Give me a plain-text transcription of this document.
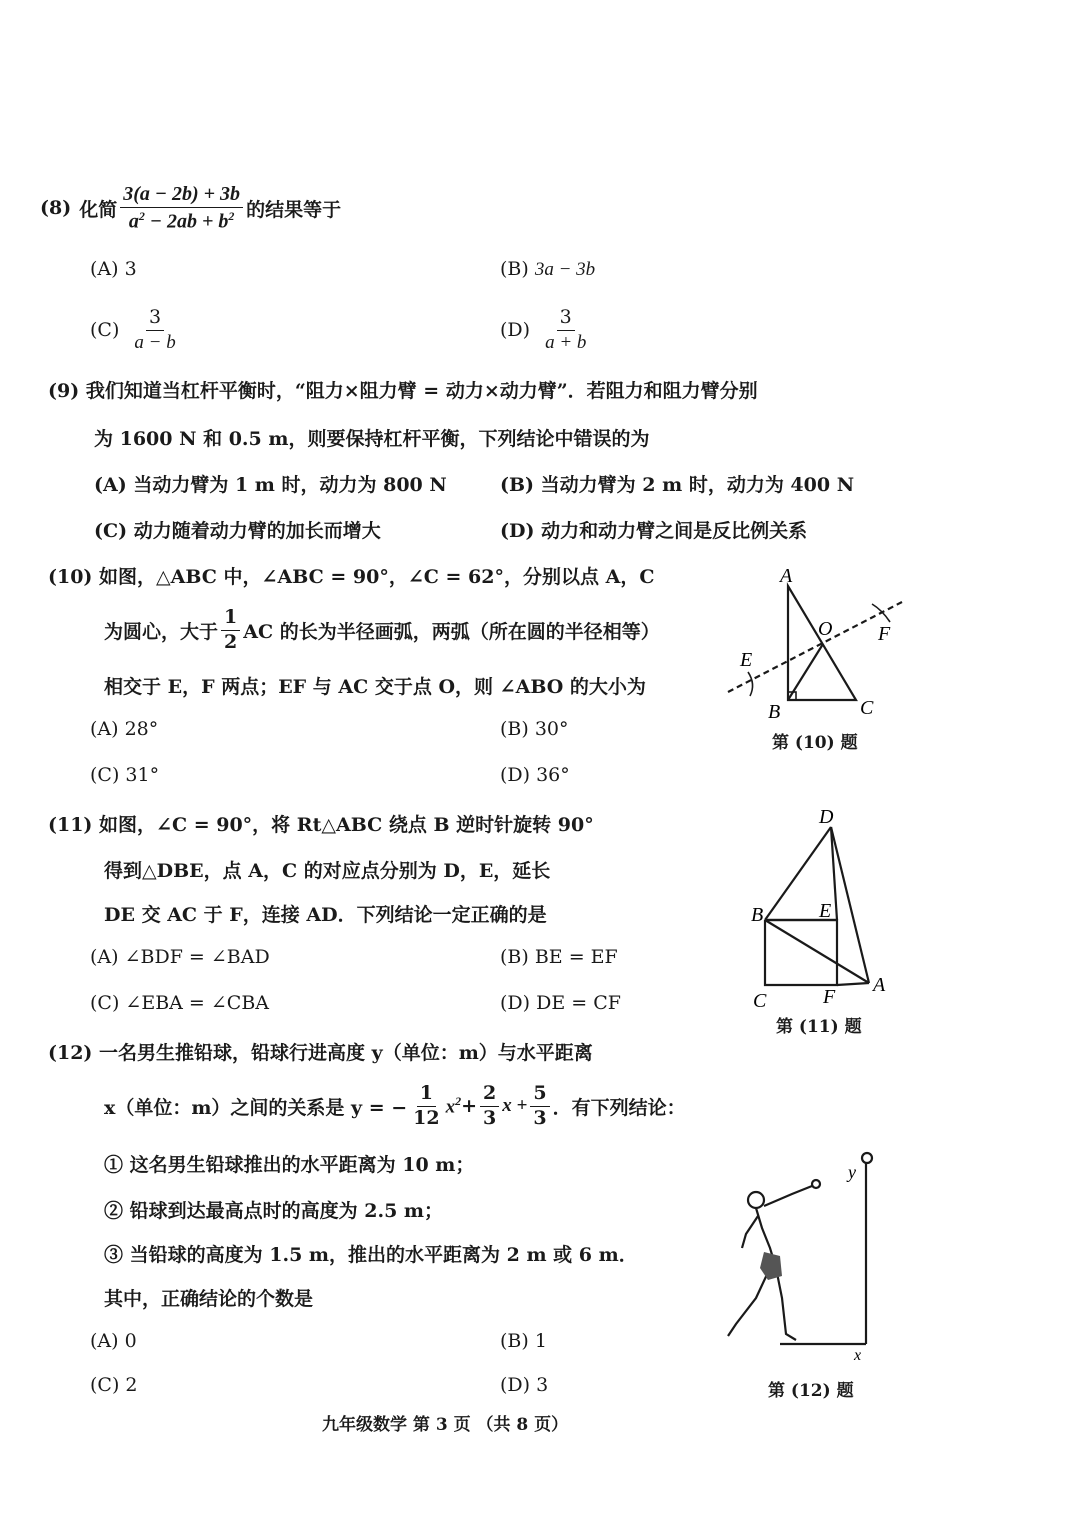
(8) 化简 $\frac{3(a - 2b) + 3b}{a^2 - 2ab + b^2}$ 的结果等于
(A) 3	(B) 3a − 3b
$(C) \frac{3}{a - b}$	$(D) \frac{3}{a + b}$
(9) 我们知道当杠杆平衡时，“阻力×阻力臂 = 动力×动力臂”．若阻力和阻力臂分别
为 1600 N 和 0.5 m，则要保持杠杆平衡，下列结论中错误的为
(A) 当动力臂为 1 m 时，动力为 800 N	(B) 当动力臂为 2 m 时，动力为 400 N
(C) 动力随着动力臂的加长而增大	(D) 动力和动力臂之间是反比例关系
(10) 如图，△ABC 中，∠ABC = 90°，∠C = 62°，分别以点 A，C
为圆心，大于 $\frac{1}{2}$ AC 的长为半径画弧，两弧（所在圆的半径相等）
相交于 E，F 两点；EF 与 AC 交于点 O，则 ∠ABO 的大小为
(A) 28°	(B) 30°
(C) 31°	(D) 36°
A
O F
E
B	C
第 (10) 题
(11) 如图，∠C = 90°，将 Rt△ABC 绕点 B 逆时针旋转 90°
得到△DBE，点 A，C 的对应点分别为 D，E，延长
DE 交 AC 于 F，连接 AD．下列结论一定正确的是
(A) ∠BDF = ∠BAD	(B) BE = EF
(C) ∠EBA = ∠CBA	(D) DE = CF
D
B	E
C	F
A
第 (11) 题
(12) 一名男生推铅球，铅球行进高度 y（单位：m）与水平距离
x（单位：m）之间的关系是 y = − $\frac{1}{12} x^2 + \frac{2}{3}$ $x + \frac{5}{3}$ ．有下列结论：
① 这名男生铅球推出的水平距离为 10 m；
② 铅球到达最高点时的高度为 2.5 m；
③ 当铅球的高度为 1.5 m，推出的水平距离为 2 m 或 6 m．
其中，正确结论的个数是
(A) 0	(B) 1
(C) 2	(D) 3
y
x
第 (12) 题
九年级数学 第 3 页 （共 8 页）
